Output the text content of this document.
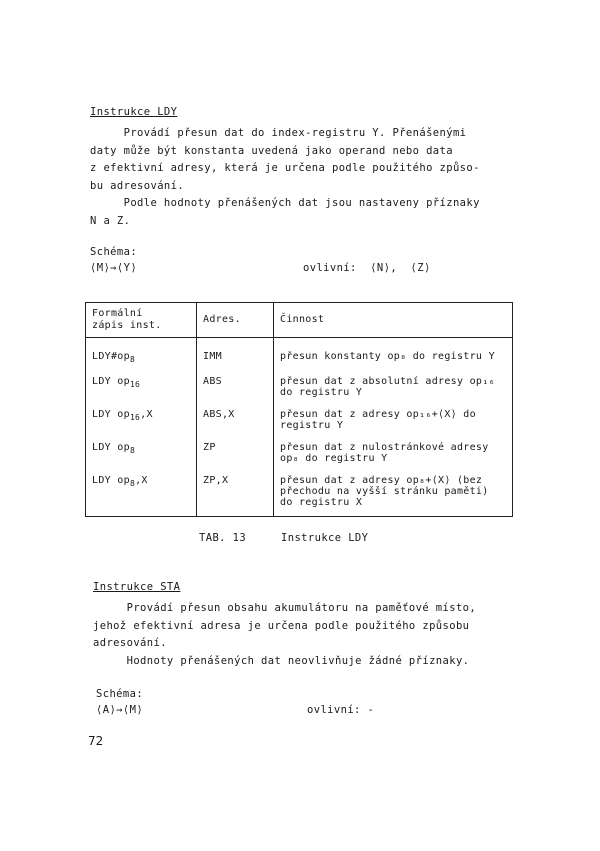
Instrukce LDY
Provádí přesun dat do index-registru Y. Přenášenými
daty může být konstanta uvedená jako operand nebo data
z efektivní adresy, která je určena podle použitého způso-
bu adresování.
Podle hodnoty přenášených dat jsou nastaveny příznaky
N a Z.
Schéma:
⟨M⟩→⟨Y⟩	ovlivní:  ⟨N⟩,  ⟨Z⟩
Formální
zápis inst.	Adres.	Činnost
$LDY\#op_8$	IMM	přesun konstanty op₈ do registru Y

LDY $op_{16}$	ABS	přesun dat z absolutní adresy op₁₆
do registru Y

LDY $op_{16},X$	ABS,X	přesun dat z adresy op₁₆+⟨X⟩ do
registru Y

LDY $op_8$	ZP	přesun dat z nulostránkové adresy
op₈ do registru Y

LDY $op_8,X$	ZP,X	přesun dat z adresy op₈+⟨X⟩ (bez
přechodu na vyšší stránku paměti)
do registru X
TAB. 13	Instrukce LDY
Instrukce STA
Provádí přesun obsahu akumulátoru na paměťové místo,
jehož efektivní adresa je určena podle použitého způsobu
adresování.
Hodnoty přenášených dat neovlivňuje žádné příznaky.
Schéma:
⟨A⟩→⟨M⟩	ovlivní: -
72
